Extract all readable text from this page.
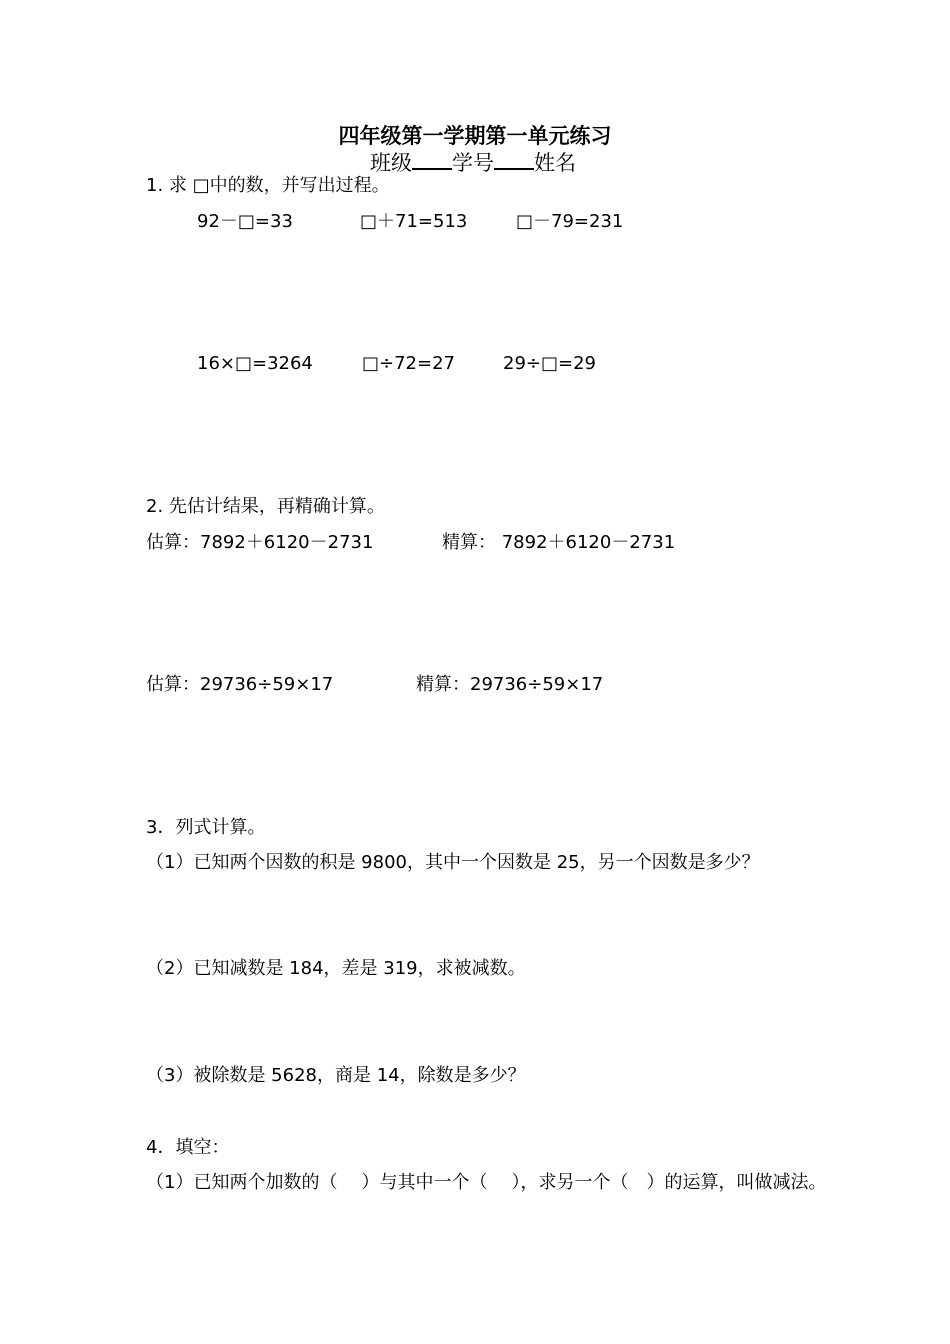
四年级第一学期第一单元练习
班级 学号 姓名
1. 求 □中的数，并写出过程。
92－□=33	□＋71=513	□－79=231
16×□=3264	□÷72=27	29÷□=29
2. 先估计结果，再精确计算。
估算：7892＋6120－2731	精算： 7892＋6120－2731
估算：29736÷59×17	精算：29736÷59×17
3．列式计算。
（1）已知两个因数的积是 9800，其中一个因数是 25，另一个因数是多少？
（2）已知减数是 184，差是 319，求被减数。
（3）被除数是 5628，商是 14，除数是多少？
4．填空：
（1）已知两个加数的（ ）与其中一个（ ），求另一个（ ）的运算，叫做减法。
